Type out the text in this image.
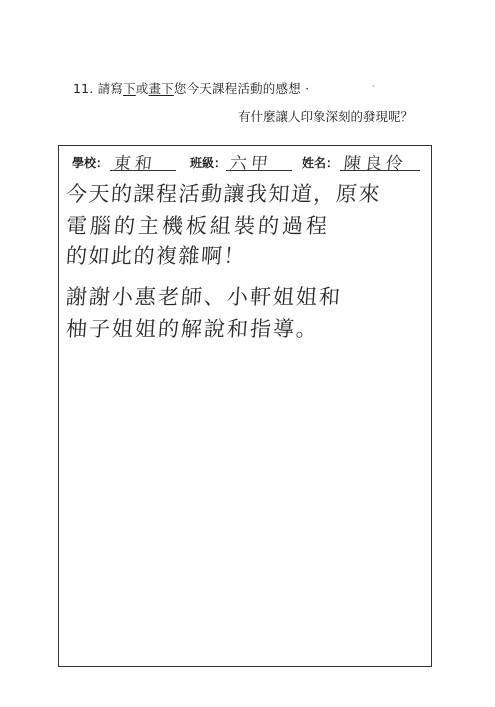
11. 請寫下或畫下您今天課程活動的感想 ·	ﾞ
有什麼讓人印象深刻的發現呢？
學校： 東和	班級： 六甲 姓名： 陳良伶
今天的課程活動讓我知道，原來
電腦的主機板組裝的過程
的如此的複雜啊！
謝謝小惠老師、小軒姐姐和
柚子姐姐的解說和指導。
